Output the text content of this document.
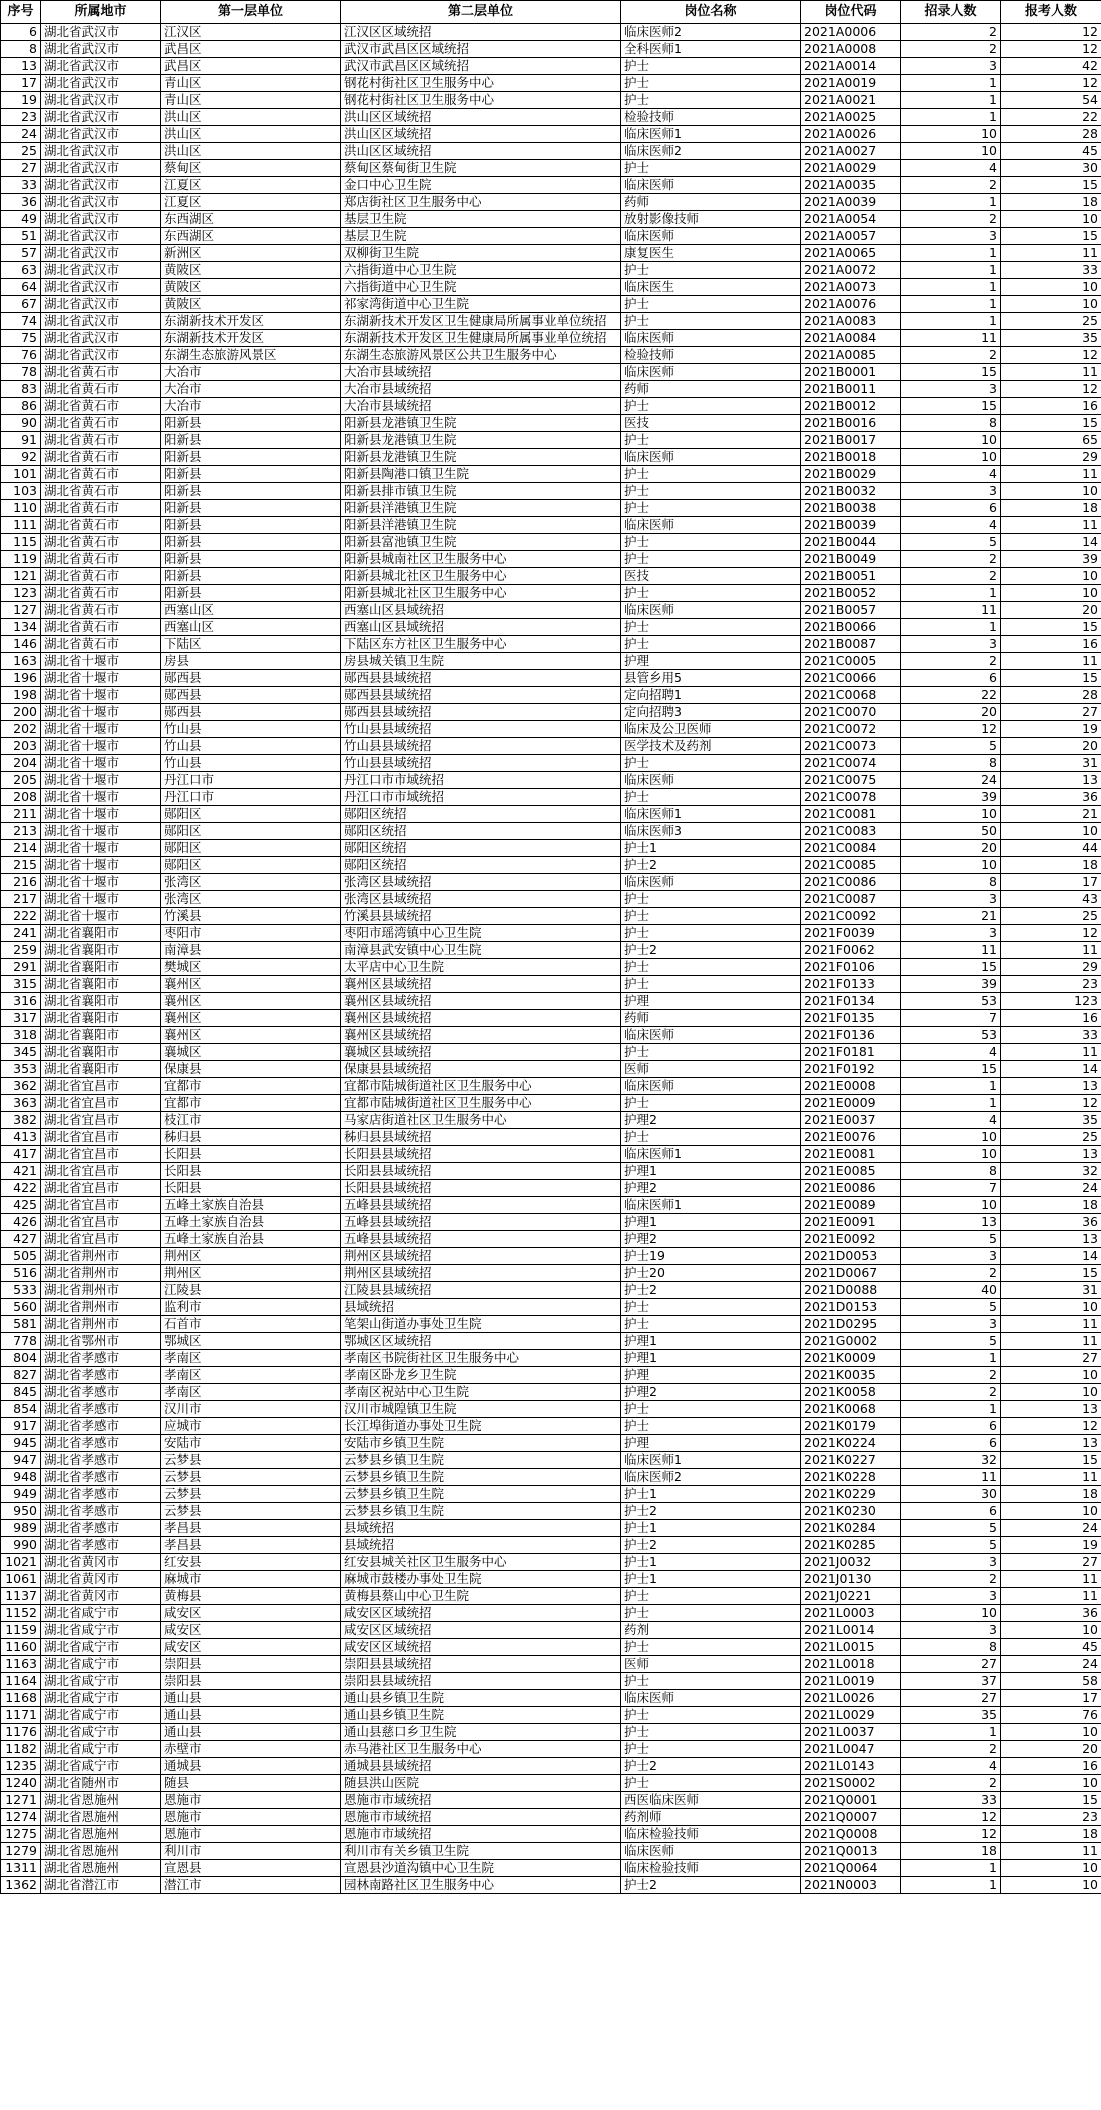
序号	所属地市	第一层单位	第二层单位	岗位名称	岗位代码	招录人数	报考人数
6	湖北省武汉市	江汉区	江汉区区域统招	临床医师2	2021A0006	2	12
8	湖北省武汉市	武昌区	武汉市武昌区区域统招	全科医师1	2021A0008	2	12
13	湖北省武汉市	武昌区	武汉市武昌区区域统招	护士	2021A0014	3	42
17	湖北省武汉市	青山区	钢花村街社区卫生服务中心	护士	2021A0019	1	12
19	湖北省武汉市	青山区	钢花村街社区卫生服务中心	护士	2021A0021	1	54
23	湖北省武汉市	洪山区	洪山区区域统招	检验技师	2021A0025	1	22
24	湖北省武汉市	洪山区	洪山区区域统招	临床医师1	2021A0026	10	28
25	湖北省武汉市	洪山区	洪山区区域统招	临床医师2	2021A0027	10	45
27	湖北省武汉市	蔡甸区	蔡甸区蔡甸街卫生院	护士	2021A0029	4	30
33	湖北省武汉市	江夏区	金口中心卫生院	临床医师	2021A0035	2	15
36	湖北省武汉市	江夏区	郑店街社区卫生服务中心	药师	2021A0039	1	18
49	湖北省武汉市	东西湖区	基层卫生院	放射影像技师	2021A0054	2	10
51	湖北省武汉市	东西湖区	基层卫生院	临床医师	2021A0057	3	15
57	湖北省武汉市	新洲区	双柳街卫生院	康复医生	2021A0065	1	11
63	湖北省武汉市	黄陂区	六指街道中心卫生院	护士	2021A0072	1	33
64	湖北省武汉市	黄陂区	六指街道中心卫生院	临床医生	2021A0073	1	10
67	湖北省武汉市	黄陂区	祁家湾街道中心卫生院	护士	2021A0076	1	10
74	湖北省武汉市	东湖新技术开发区	东湖新技术开发区卫生健康局所属事业单位统招	护士	2021A0083	1	25
75	湖北省武汉市	东湖新技术开发区	东湖新技术开发区卫生健康局所属事业单位统招	临床医师	2021A0084	11	35
76	湖北省武汉市	东湖生态旅游风景区	东湖生态旅游风景区公共卫生服务中心	检验技师	2021A0085	2	12
78	湖北省黄石市	大冶市	大冶市县域统招	临床医师	2021B0001	15	11
83	湖北省黄石市	大冶市	大冶市县域统招	药师	2021B0011	3	12
86	湖北省黄石市	大冶市	大冶市县域统招	护士	2021B0012	15	16
90	湖北省黄石市	阳新县	阳新县龙港镇卫生院	医技	2021B0016	8	15
91	湖北省黄石市	阳新县	阳新县龙港镇卫生院	护士	2021B0017	10	65
92	湖北省黄石市	阳新县	阳新县龙港镇卫生院	临床医师	2021B0018	10	29
101	湖北省黄石市	阳新县	阳新县陶港口镇卫生院	护士	2021B0029	4	11
103	湖北省黄石市	阳新县	阳新县排市镇卫生院	护士	2021B0032	3	10
110	湖北省黄石市	阳新县	阳新县洋港镇卫生院	护士	2021B0038	6	18
111	湖北省黄石市	阳新县	阳新县洋港镇卫生院	临床医师	2021B0039	4	11
115	湖北省黄石市	阳新县	阳新县富池镇卫生院	护士	2021B0044	5	14
119	湖北省黄石市	阳新县	阳新县城南社区卫生服务中心	护士	2021B0049	2	39
121	湖北省黄石市	阳新县	阳新县城北社区卫生服务中心	医技	2021B0051	2	10
123	湖北省黄石市	阳新县	阳新县城北社区卫生服务中心	护士	2021B0052	1	10
127	湖北省黄石市	西塞山区	西塞山区县域统招	临床医师	2021B0057	11	20
134	湖北省黄石市	西塞山区	西塞山区县域统招	护士	2021B0066	1	15
146	湖北省黄石市	下陆区	下陆区东方社区卫生服务中心	护士	2021B0087	3	16
163	湖北省十堰市	房县	房县城关镇卫生院	护理	2021C0005	2	11
196	湖北省十堰市	郧西县	郧西县县域统招	县管乡用5	2021C0066	6	15
198	湖北省十堰市	郧西县	郧西县县域统招	定向招聘1	2021C0068	22	28
200	湖北省十堰市	郧西县	郧西县县域统招	定向招聘3	2021C0070	20	27
202	湖北省十堰市	竹山县	竹山县县域统招	临床及公卫医师	2021C0072	12	19
203	湖北省十堰市	竹山县	竹山县县域统招	医学技术及药剂	2021C0073	5	20
204	湖北省十堰市	竹山县	竹山县县域统招	护士	2021C0074	8	31
205	湖北省十堰市	丹江口市	丹江口市市域统招	临床医师	2021C0075	24	13
208	湖北省十堰市	丹江口市	丹江口市市域统招	护士	2021C0078	39	36
211	湖北省十堰市	郧阳区	郧阳区统招	临床医师1	2021C0081	10	21
213	湖北省十堰市	郧阳区	郧阳区统招	临床医师3	2021C0083	50	10
214	湖北省十堰市	郧阳区	郧阳区统招	护士1	2021C0084	20	44
215	湖北省十堰市	郧阳区	郧阳区统招	护士2	2021C0085	10	18
216	湖北省十堰市	张湾区	张湾区县域统招	临床医师	2021C0086	8	17
217	湖北省十堰市	张湾区	张湾区县域统招	护士	2021C0087	3	43
222	湖北省十堰市	竹溪县	竹溪县县域统招	护士	2021C0092	21	25
241	湖北省襄阳市	枣阳市	枣阳市瑶湾镇中心卫生院	护士	2021F0039	3	12
259	湖北省襄阳市	南漳县	南漳县武安镇中心卫生院	护士2	2021F0062	11	11
291	湖北省襄阳市	樊城区	太平店中心卫生院	护士	2021F0106	15	29
315	湖北省襄阳市	襄州区	襄州区县域统招	护士	2021F0133	39	23
316	湖北省襄阳市	襄州区	襄州区县域统招	护理	2021F0134	53	123
317	湖北省襄阳市	襄州区	襄州区县域统招	药师	2021F0135	7	16
318	湖北省襄阳市	襄州区	襄州区县域统招	临床医师	2021F0136	53	33
345	湖北省襄阳市	襄城区	襄城区县域统招	护士	2021F0181	4	11
353	湖北省襄阳市	保康县	保康县县域统招	医师	2021F0192	15	14
362	湖北省宜昌市	宜都市	宜都市陆城街道社区卫生服务中心	临床医师	2021E0008	1	13
363	湖北省宜昌市	宜都市	宜都市陆城街道社区卫生服务中心	护士	2021E0009	1	12
382	湖北省宜昌市	枝江市	马家店街道社区卫生服务中心	护理2	2021E0037	4	35
413	湖北省宜昌市	秭归县	秭归县县域统招	护士	2021E0076	10	25
417	湖北省宜昌市	长阳县	长阳县县域统招	临床医师1	2021E0081	10	13
421	湖北省宜昌市	长阳县	长阳县县域统招	护理1	2021E0085	8	32
422	湖北省宜昌市	长阳县	长阳县县域统招	护理2	2021E0086	7	24
425	湖北省宜昌市	五峰土家族自治县	五峰县县域统招	临床医师1	2021E0089	10	18
426	湖北省宜昌市	五峰土家族自治县	五峰县县域统招	护理1	2021E0091	13	36
427	湖北省宜昌市	五峰土家族自治县	五峰县县域统招	护理2	2021E0092	5	13
505	湖北省荆州市	荆州区	荆州区县域统招	护士19	2021D0053	3	14
516	湖北省荆州市	荆州区	荆州区县域统招	护士20	2021D0067	2	15
533	湖北省荆州市	江陵县	江陵县县域统招	护士2	2021D0088	40	31
560	湖北省荆州市	监利市	县域统招	护士	2021D0153	5	10
581	湖北省荆州市	石首市	笔架山街道办事处卫生院	护士	2021D0295	3	11
778	湖北省鄂州市	鄂城区	鄂城区区域统招	护理1	2021G0002	5	11
804	湖北省孝感市	孝南区	孝南区书院街社区卫生服务中心	护理1	2021K0009	1	27
827	湖北省孝感市	孝南区	孝南区卧龙乡卫生院	护理	2021K0035	2	10
845	湖北省孝感市	孝南区	孝南区祝站中心卫生院	护理2	2021K0058	2	10
854	湖北省孝感市	汉川市	汉川市城隍镇卫生院	护士	2021K0068	1	13
917	湖北省孝感市	应城市	长江埠街道办事处卫生院	护士	2021K0179	6	12
945	湖北省孝感市	安陆市	安陆市乡镇卫生院	护理	2021K0224	6	13
947	湖北省孝感市	云梦县	云梦县乡镇卫生院	临床医师1	2021K0227	32	15
948	湖北省孝感市	云梦县	云梦县乡镇卫生院	临床医师2	2021K0228	11	11
949	湖北省孝感市	云梦县	云梦县乡镇卫生院	护士1	2021K0229	30	18
950	湖北省孝感市	云梦县	云梦县乡镇卫生院	护士2	2021K0230	6	10
989	湖北省孝感市	孝昌县	县域统招	护士1	2021K0284	5	24
990	湖北省孝感市	孝昌县	县域统招	护士2	2021K0285	5	19
1021	湖北省黄冈市	红安县	红安县城关社区卫生服务中心	护士1	2021J0032	3	27
1061	湖北省黄冈市	麻城市	麻城市鼓楼办事处卫生院	护士1	2021J0130	2	11
1137	湖北省黄冈市	黄梅县	黄梅县蔡山中心卫生院	护士	2021J0221	3	11
1152	湖北省咸宁市	咸安区	咸安区区域统招	护士	2021L0003	10	36
1159	湖北省咸宁市	咸安区	咸安区区域统招	药剂	2021L0014	3	10
1160	湖北省咸宁市	咸安区	咸安区区域统招	护士	2021L0015	8	45
1163	湖北省咸宁市	崇阳县	崇阳县县域统招	医师	2021L0018	27	24
1164	湖北省咸宁市	崇阳县	崇阳县县域统招	护士	2021L0019	37	58
1168	湖北省咸宁市	通山县	通山县乡镇卫生院	临床医师	2021L0026	27	17
1171	湖北省咸宁市	通山县	通山县乡镇卫生院	护士	2021L0029	35	76
1176	湖北省咸宁市	通山县	通山县慈口乡卫生院	护士	2021L0037	1	10
1182	湖北省咸宁市	赤壁市	赤马港社区卫生服务中心	护士	2021L0047	2	20
1235	湖北省咸宁市	通城县	通城县县域统招	护士2	2021L0143	4	16
1240	湖北省随州市	随县	随县洪山医院	护士	2021S0002	2	10
1271	湖北省恩施州	恩施市	恩施市市域统招	西医临床医师	2021Q0001	33	15
1274	湖北省恩施州	恩施市	恩施市市域统招	药剂师	2021Q0007	12	23
1275	湖北省恩施州	恩施市	恩施市市域统招	临床检验技师	2021Q0008	12	18
1279	湖北省恩施州	利川市	利川市有关乡镇卫生院	临床医师	2021Q0013	18	11
1311	湖北省恩施州	宣恩县	宣恩县沙道沟镇中心卫生院	临床检验技师	2021Q0064	1	10
1362	湖北省潜江市	潜江市	园林南路社区卫生服务中心	护士2	2021N0003	1	10
